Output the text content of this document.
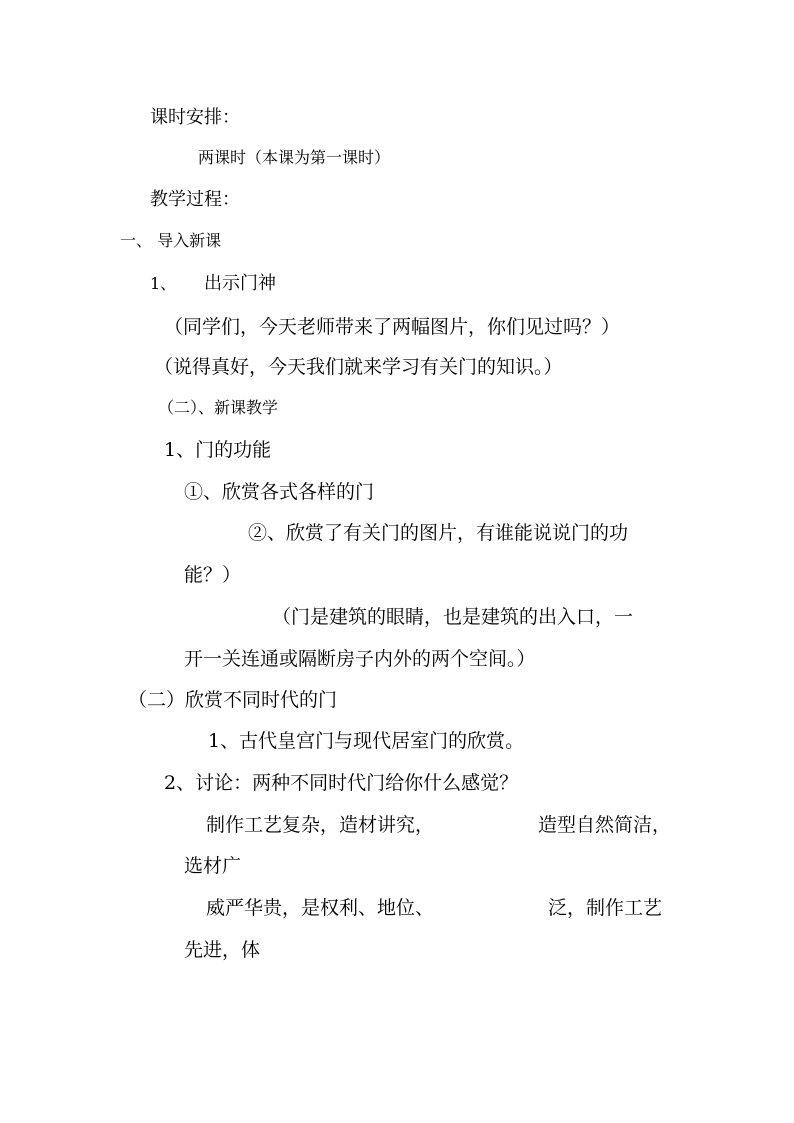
课时安排：
两课时（本课为第一课时）
教学过程：
一、 导入新课
1、 出示门神
（同学们，今天老师带来了两幅图片，你们见过吗？）
（说得真好，今天我们就来学习有关门的知识。）
（二）、新课教学
1、门的功能
①、欣赏各式各样的门
②、欣赏了有关门的图片，有谁能说说门的功
能？）
（门是建筑的眼睛，也是建筑的出入口，一
开一关连通或隔断房子内外的两个空间。）
（二）欣赏不同时代的门
1、古代皇宫门与现代居室门的欣赏。
2、讨论：两种不同时代门给你什么感觉？
制作工艺复杂，造材讲究，	造型自然简洁，
选材广
威严华贵，是权利、地位、	泛，制作工艺
先进，体
